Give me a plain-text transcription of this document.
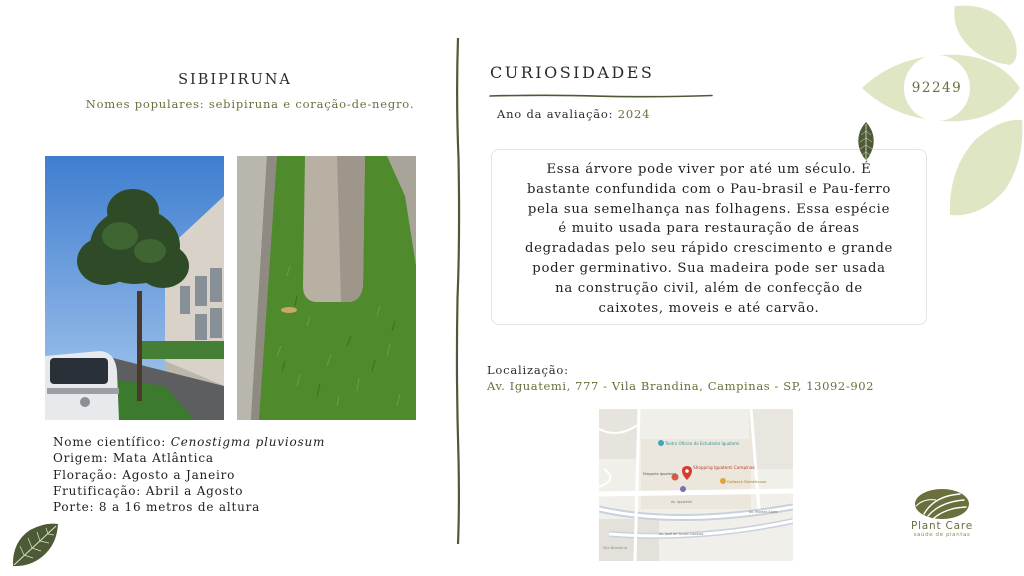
SIBIPIRUNA
Nomes populares: sebipiruna e coração-de-negro.
Nome científico: Cenostigma pluviosum
Origem: Mata Atlântica
Floração: Agosto a Janeiro
Frutificação: Abril a Agosto
Porte: 8 a 16 metros de altura
CURIOSIDADES
Ano da avaliação: 2024
Essa árvore pode viver por até um século. É
bastante confundida com o Pau-brasil e Pau-ferro
pela sua semelhança nas folhagens. Essa espécie
é muito usada para restauração de áreas
degradadas pelo seu rápido crescimento e grande
poder germinativo. Sua madeira pode ser usada
na construção civil, além de confecção de
caixotes, moveis e até carvão.
Localização:
Av. Iguatemi, 777 - Vila Brandina, Campinas - SP, 13092-902
Teatro Oficina do Estudante Iguatemi
Shopping Iguatemi Campinas
Outback Steakhouse
Drogaria Iguatemi
Av. Iguatemi
Av. Moraes Sales
Av. José de Souza Campos
Vila Brandina
92249
Plant Care
saúde de plantas
